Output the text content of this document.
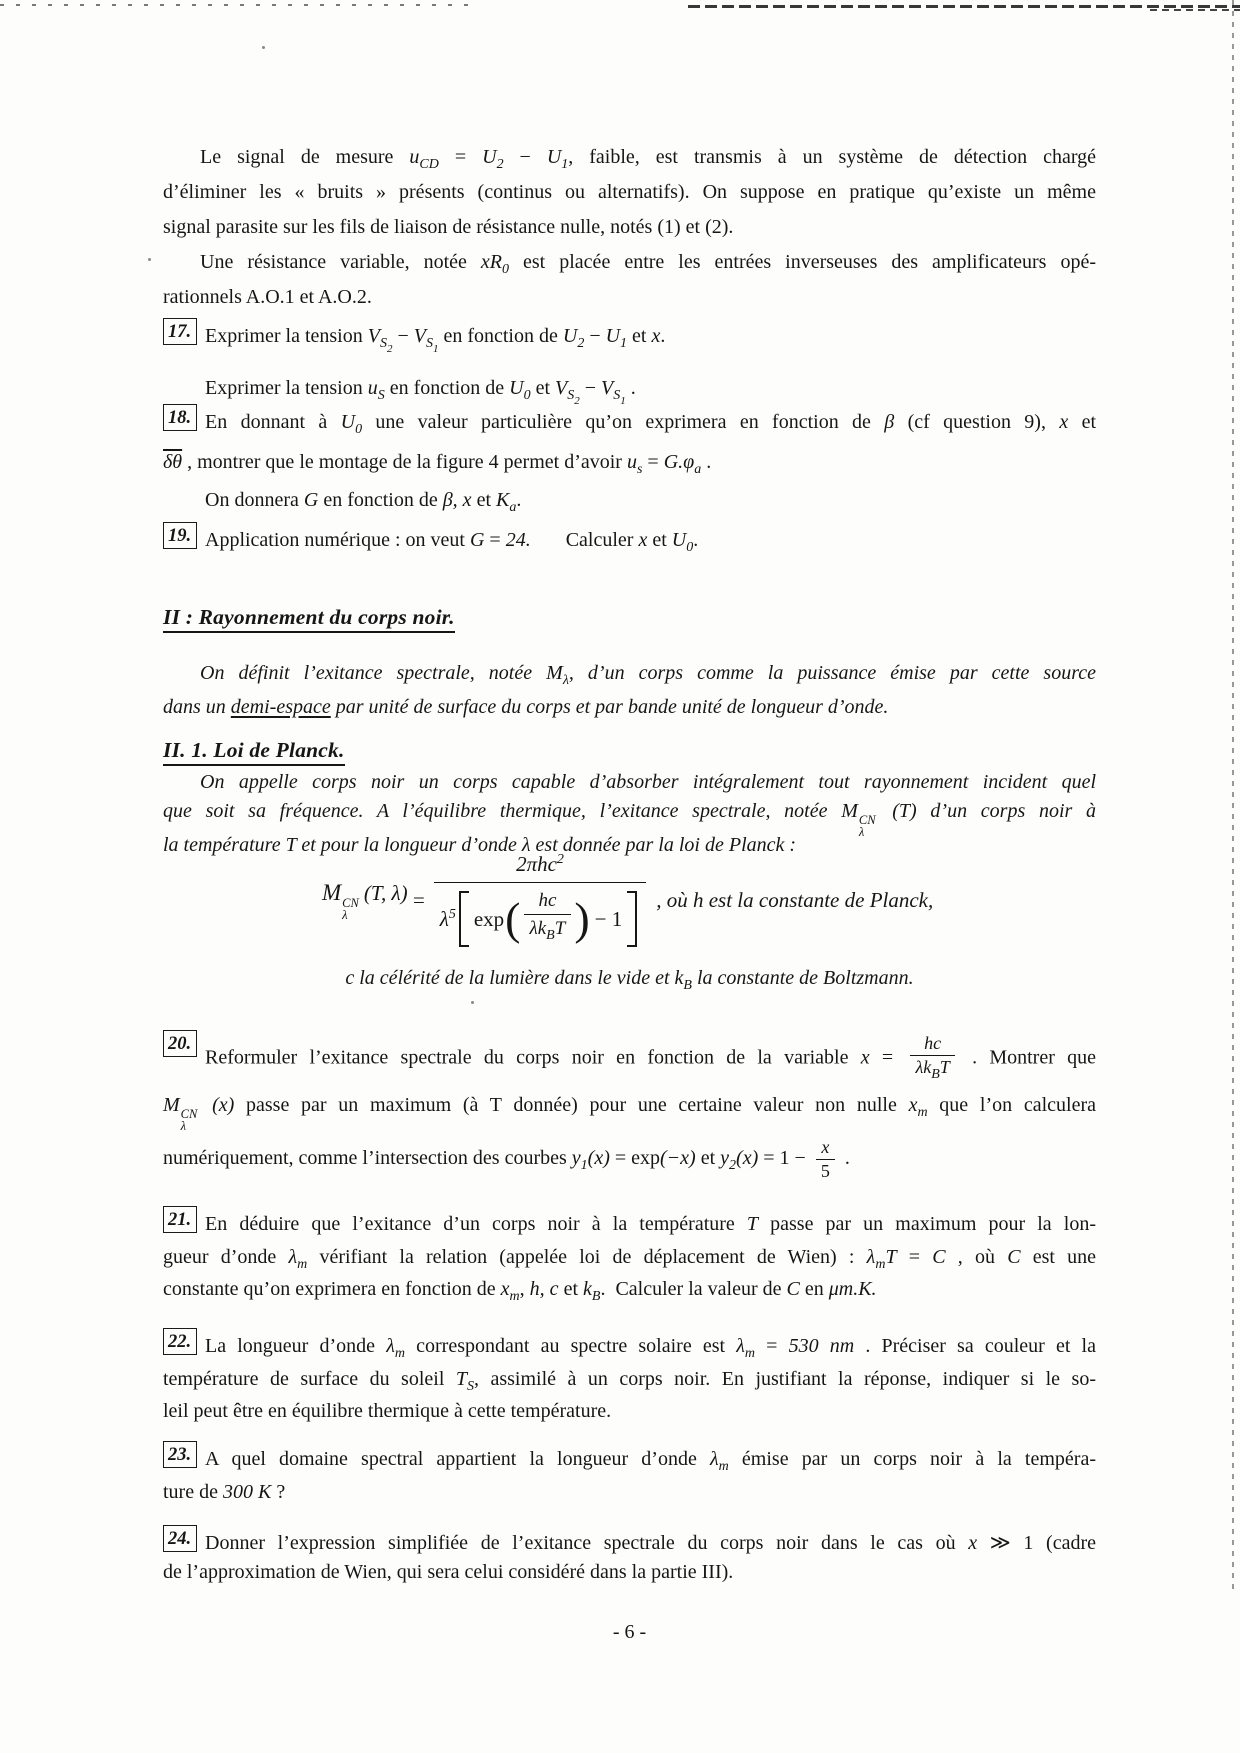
Le signal de mesure $u_{CD} = U_2 - U_1$, faible, est transmis à un système de détection chargé
d’éliminer les « bruits » présents (continus ou alternatifs). On suppose en pratique qu’existe un même
signal parasite sur les fils de liaison de résistance nulle, notés (1) et (2).
Une résistance variable, notée $xR_0$ est placée entre les entrées inverseuses des amplificateurs opé-
rationnels A.O.1 et A.O.2.
17. Exprimer la tension $V_{S2} - V_{S1}$ en fonction de $U_2 - U_1$ et x.
Exprimer la tension $u_S$ en fonction de $U_0$ et $V_{S2} - V_{S1}$ .
18. En donnant à $U_0$ une valeur particulière qu’on exprimera en fonction de β (cf question 9), x et
$\overline{\delta\theta}$ , montrer que le montage de la figure 4 permet d’avoir $u_s = G.\varphi_a$ .
On donnera G en fonction de β, x et $K_a$.
19. Application numérique : on veut G = 24.       Calculer x et $U_0$.
II : Rayonnement du corps noir.
On définit l’exitance spectrale, notée $M_\lambda$, d’un corps comme la puissance émise par cette source
dans un demi-espace par unité de surface du corps et par bande unité de longueur d’onde.
II. 1. Loi de Planck.
On appelle corps noir un corps capable d’absorber intégralement tout rayonnement incident quel
que soit sa fréquence. A l’équilibre thermique, l’exitance spectrale, notée M CN
λ
(T) d’un corps noir à
la température T et pour la longueur d’onde λ est donnée par la loi de Planck :
M CN
λ
(T, λ) =
2πhc$^2$
$\lambda^5$ exp ( $\frac{hc}{\lambda k_BT}$ ) − 1
, où h est la constante de Planck,
c la célérité de la lumière dans le vide et $k_B$ la constante de Boltzmann.
20.
Reformuler l’exitance spectrale du corps noir en fonction de la variable $x = \frac{hc}{\lambda k_BT}$ . Montrer que
M CN
λ
(x) passe par un maximum (à T donnée) pour une certaine valeur non nulle $x_m$ que l’on calculera
numériquement, comme l’intersection des courbes $y_1(x) = \exp(-x)$ et $y_2(x) = 1 - \frac{x}{5}$ .
21. En déduire que l’exitance d’un corps noir à la température T passe par un maximum pour la lon-
gueur d’onde $\lambda_m$ vérifiant la relation (appelée loi de déplacement de Wien) : $\lambda_mT = C$ , où C est une
constante qu’on exprimera en fonction de $x_m$, h, c et $k_B$.  Calculer la valeur de C en μm.K.
22. La longueur d’onde $\lambda_m$ correspondant au spectre solaire est $\lambda_m = 530$ nm . Préciser sa couleur et la
température de surface du soleil $T_S$, assimilé à un corps noir. En justifiant la réponse, indiquer si le so-
leil peut être en équilibre thermique à cette température.
23. A quel domaine spectral appartient la longueur d’onde $\lambda_m$ émise par un corps noir à la tempéra-
ture de 300 K ?
24. Donner l’expression simplifiée de l’exitance spectrale du corps noir dans le cas où x ≫ 1 (cadre
de l’approximation de Wien, qui sera celui considéré dans la partie III).
- 6 -
